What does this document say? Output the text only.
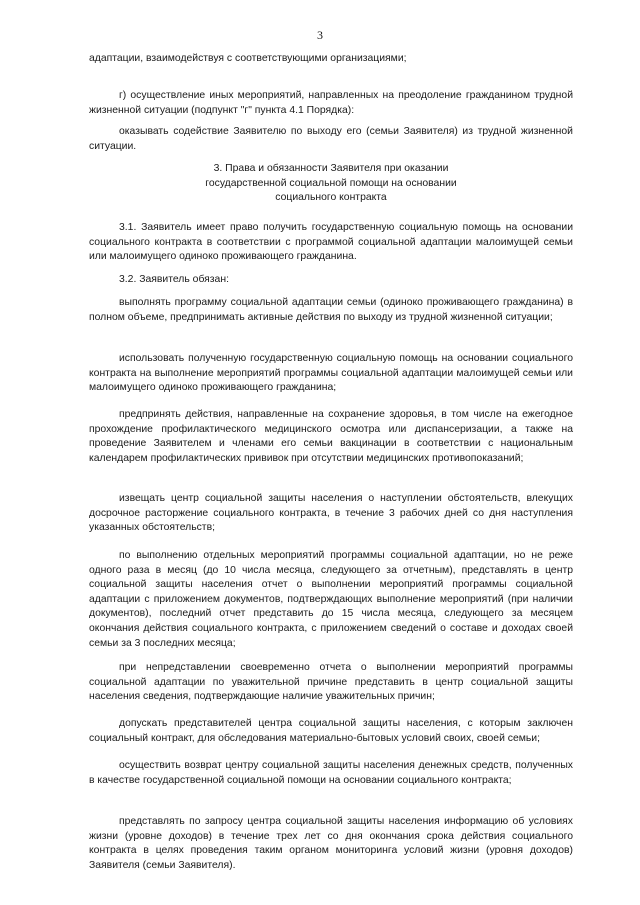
3

адаптации, взаимодействуя с соответствующими организациями;

г) осуществление иных мероприятий, направленных на преодоление гражданином трудной жизненной ситуации (подпункт "г" пункта 4.1 Порядка):

оказывать содействие Заявителю по выходу его (семьи Заявителя) из трудной жизненной ситуации.

3. Права и обязанности Заявителя при оказании
государственной социальной помощи на основании
социального контракта

3.1. Заявитель имеет право получить государственную социальную помощь на основании социального контракта в соответствии с программой социальной адаптации малоимущей семьи или малоимущего одиноко проживающего гражданина.

3.2. Заявитель обязан:

выполнять программу социальной адаптации семьи (одиноко проживающего гражданина) в полном объеме, предпринимать активные действия по выходу из трудной жизненной ситуации;

использовать полученную государственную социальную помощь на основании социального контракта на выполнение мероприятий программы социальной адаптации малоимущей семьи или малоимущего одиноко проживающего гражданина;

предпринять действия, направленные на сохранение здоровья, в том числе на ежегодное прохождение профилактического медицинского осмотра или диспансеризации, а также на проведение Заявителем и членами его семьи вакцинации в соответствии с национальным календарем профилактических прививок при отсутствии медицинских противопоказаний;

извещать центр социальной защиты населения о наступлении обстоятельств, влекущих досрочное расторжение социального контракта, в течение 3 рабочих дней со дня наступления указанных обстоятельств;

по выполнению отдельных мероприятий программы социальной адаптации, но не реже одного раза в месяц (до 10 числа месяца, следующего за отчетным), представлять в центр социальной защиты населения отчет о выполнении мероприятий программы социальной адаптации с приложением документов, подтверждающих выполнение мероприятий (при наличии документов), последний отчет представить до 15 числа месяца, следующего за месяцем окончания действия социального контракта, с приложением сведений о составе и доходах своей семьи за 3 последних месяца;

при непредставлении своевременно отчета о выполнении мероприятий программы социальной адаптации по уважительной причине представить в центр социальной защиты населения сведения, подтверждающие наличие уважительных причин;

допускать представителей центра социальной защиты населения, с которым заключен социальный контракт, для обследования материально-бытовых условий своих, своей семьи;

осуществить возврат центру социальной защиты населения денежных средств, полученных в качестве государственной социальной помощи на основании социального контракта;

представлять по запросу центра социальной защиты населения информацию об условиях жизни (уровне доходов) в течение трех лет со дня окончания срока действия социального контракта в целях проведения таким органом мониторинга условий жизни (уровня доходов) Заявителя (семьи Заявителя).
